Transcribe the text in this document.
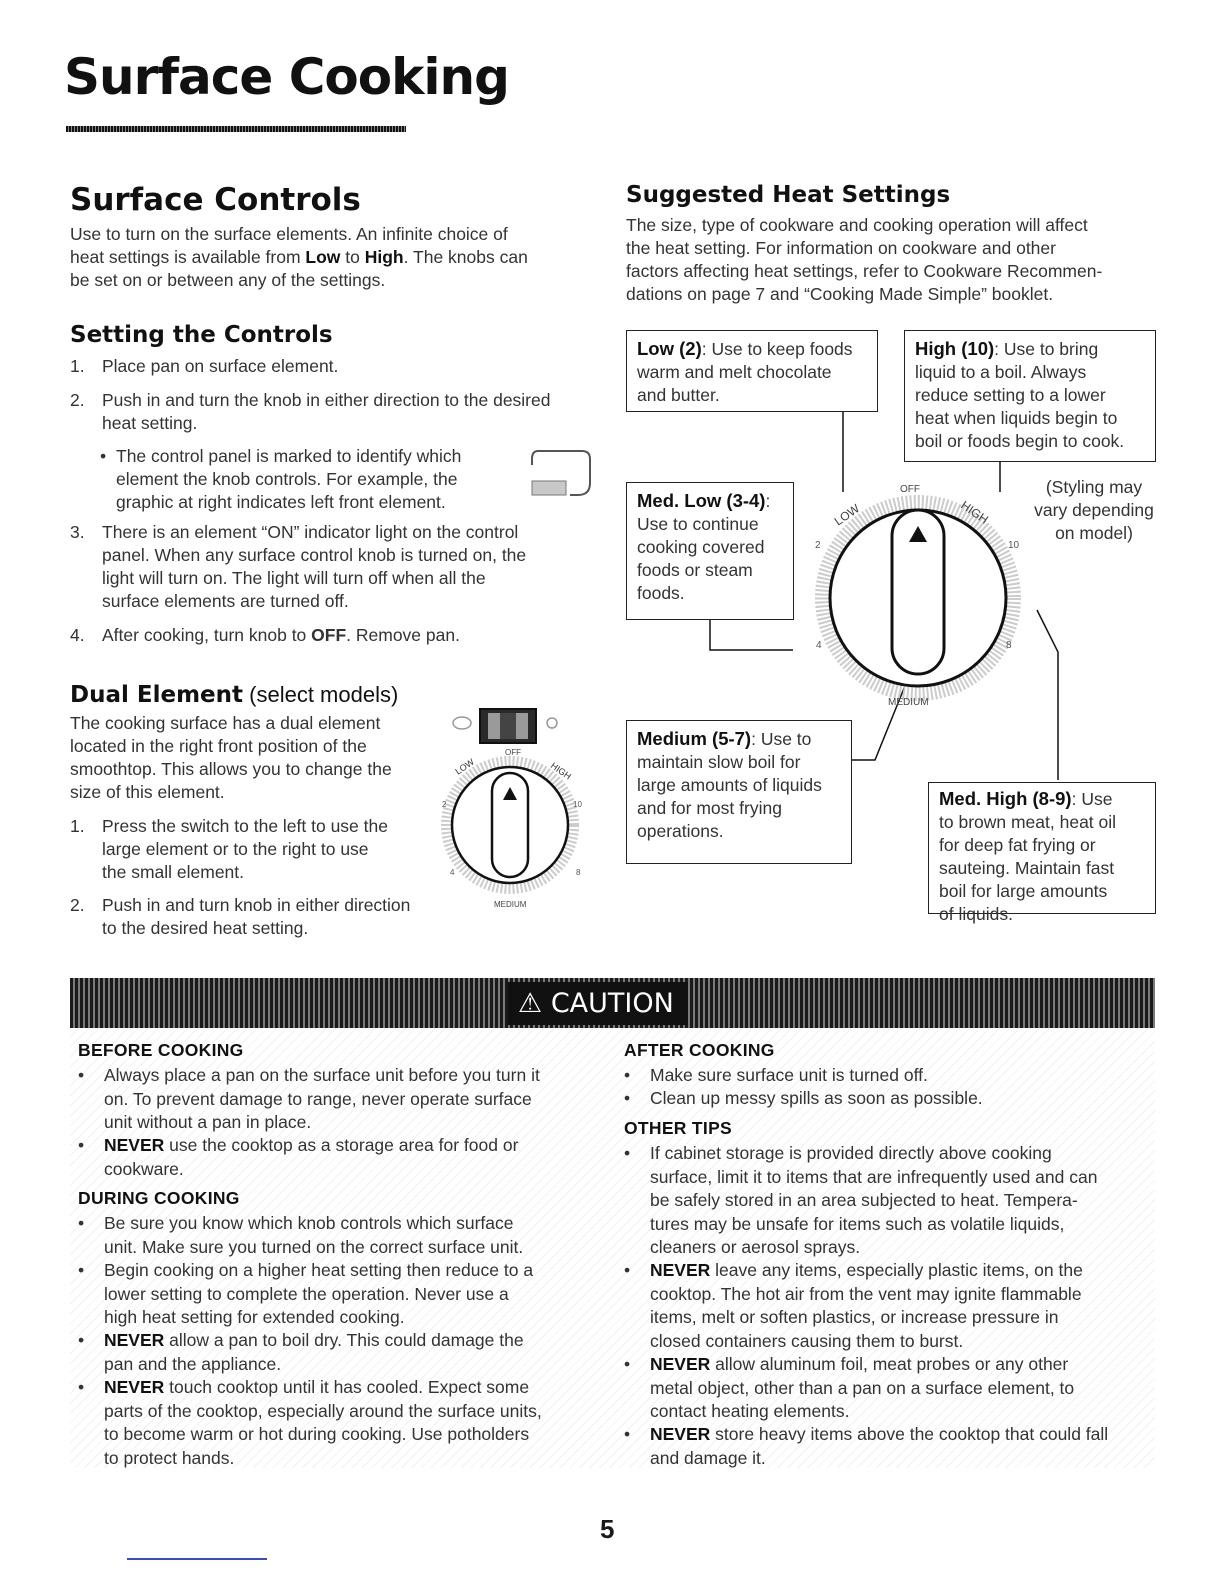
Surface Cooking
Surface Controls
Use to turn on the surface elements. An infinite choice of
heat settings is available from Low to High. The knobs can
be set on or between any of the settings.
Setting the Controls
1. Place pan on surface element.
2. Push in and turn the knob in either direction to the desired
heat setting.
• The control panel is marked to identify which
element the knob controls. For example, the
graphic at right indicates left front element.
3. There is an element “ON” indicator light on the control
panel. When any surface control knob is turned on, the
light will turn on. The light will turn off when all the
surface elements are turned off.
4. After cooking, turn knob to OFF. Remove pan.
Dual Element (select models)
The cooking surface has a dual element
located in the right front position of the
smoothtop. This allows you to change the
size of this element.
1. Press the switch to the left to use the
large element or to the right to use
the small element.
2. Push in and turn knob in either direction
to the desired heat setting.
OFF
LOW	HIGH
2	10
4	8
MEDIUM
Suggested Heat Settings
The size, type of cookware and cooking operation will affect
the heat setting. For information on cookware and other
factors affecting heat settings, refer to Cookware Recommen-
dations on page 7 and “Cooking Made Simple” booklet.
OFF
LOW	HIGH
2	10
4	8
MEDIUM
Low (2): Use to keep foods
warm and melt chocolate
and butter.
High (10): Use to bring
liquid to a boil. Always
reduce setting to a lower
heat when liquids begin to
boil or foods begin to cook.
Med. Low (3-4):
Use to continue
cooking covered
foods or steam
foods.
(Styling may
vary depending
on model)
Medium (5-7): Use to
maintain slow boil for
large amounts of liquids
and for most frying
operations.
Med. High (8-9): Use
to brown meat, heat oil
for deep fat frying or
sauteing. Maintain fast
boil for large amounts
of liquids.
⚠ CAUTION
BEFORE COOKING
• Always place a pan on the surface unit before you turn it
on. To prevent damage to range, never operate surface
unit without a pan in place.
• NEVER use the cooktop as a storage area for food or
cookware.
DURING COOKING
• Be sure you know which knob controls which surface
unit. Make sure you turned on the correct surface unit.
• Begin cooking on a higher heat setting then reduce to a
lower setting to complete the operation. Never use a
high heat setting for extended cooking.
• NEVER allow a pan to boil dry. This could damage the
pan and the appliance.
• NEVER touch cooktop until it has cooled. Expect some
parts of the cooktop, especially around the surface units,
to become warm or hot during cooking. Use potholders
to protect hands.
AFTER COOKING
• Make sure surface unit is turned off.
• Clean up messy spills as soon as possible.
OTHER TIPS
• If cabinet storage is provided directly above cooking
surface, limit it to items that are infrequently used and can
be safely stored in an area subjected to heat. Tempera-
tures may be unsafe for items such as volatile liquids,
cleaners or aerosol sprays.
• NEVER leave any items, especially plastic items, on the
cooktop. The hot air from the vent may ignite flammable
items, melt or soften plastics, or increase pressure in
closed containers causing them to burst.
• NEVER allow aluminum foil, meat probes or any other
metal object, other than a pan on a surface element, to
contact heating elements.
• NEVER store heavy items above the cooktop that could fall
and damage it.
5
